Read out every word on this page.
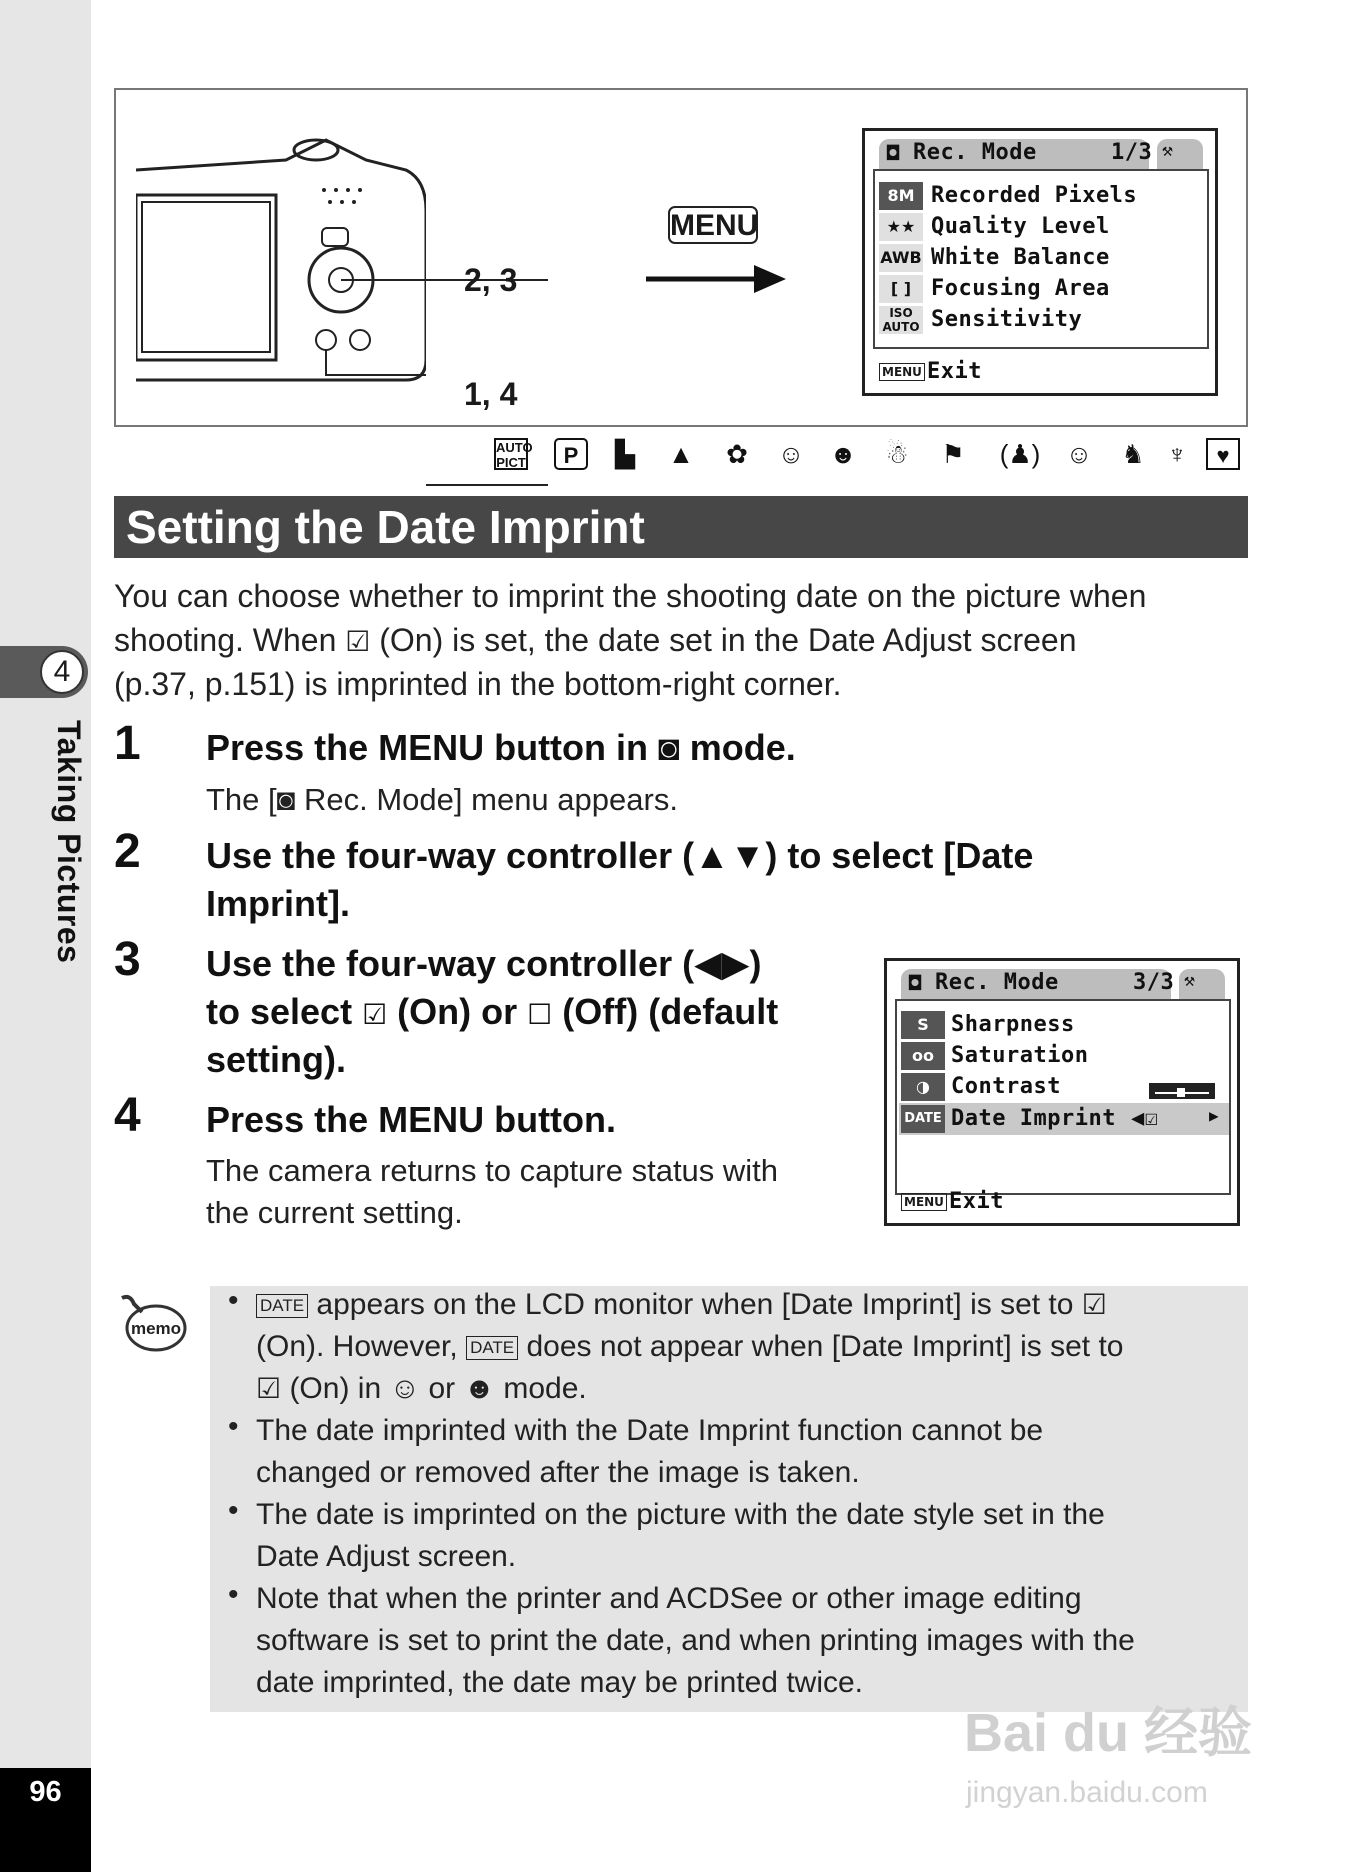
4
Taking Pictures
96
2, 3
1, 4
MENU
◘ Rec. Mode	1/3 ⚒
8M Recorded Pixels
★★ Quality Level
AWB White Balance
[ ] Focusing Area
ISO AUTO Sensitivity
MENU Exit
AUTO PICT	P	▙ ▲ ✿ ☺ ☻ ☃ ⚑	(♟) ☺ ♞ ♆	♥
Setting the Date Imprint
You can choose whether to imprint the shooting date on the picture when
shooting. When ☑ (On) is set, the date set in the Date Adjust screen
(p.37, p.151) is imprinted in the bottom-right corner.
1 Press the MENU button in ◙ mode.
The [◙ Rec. Mode] menu appears.
2 Use the four-way controller (▲▼) to select [Date
Imprint].
3 Use the four-way controller (◀▶)
to select ☑ (On) or ☐ (Off) (default
setting).
4 Press the MENU button.
The camera returns to capture status with
the current setting.
◘ Rec. Mode	3/3 ⚒
S	Sharpness
oo Saturation
◑ Contrast
DATE Date Imprint ◀☑	▶
MENU Exit
memo
• DATE appears on the LCD monitor when [Date Imprint] is set to ☑
(On). However, DATE does not appear when [Date Imprint] is set to
☑ (On) in ☺ or ☻ mode.
• The date imprinted with the Date Imprint function cannot be
changed or removed after the image is taken.
• The date is imprinted on the picture with the date style set in the
Date Adjust screen.
• Note that when the printer and ACDSee or other image editing
software is set to print the date, and when printing images with the
date imprinted, the date may be printed twice.
Bai du 经验
jingyan.baidu.com
